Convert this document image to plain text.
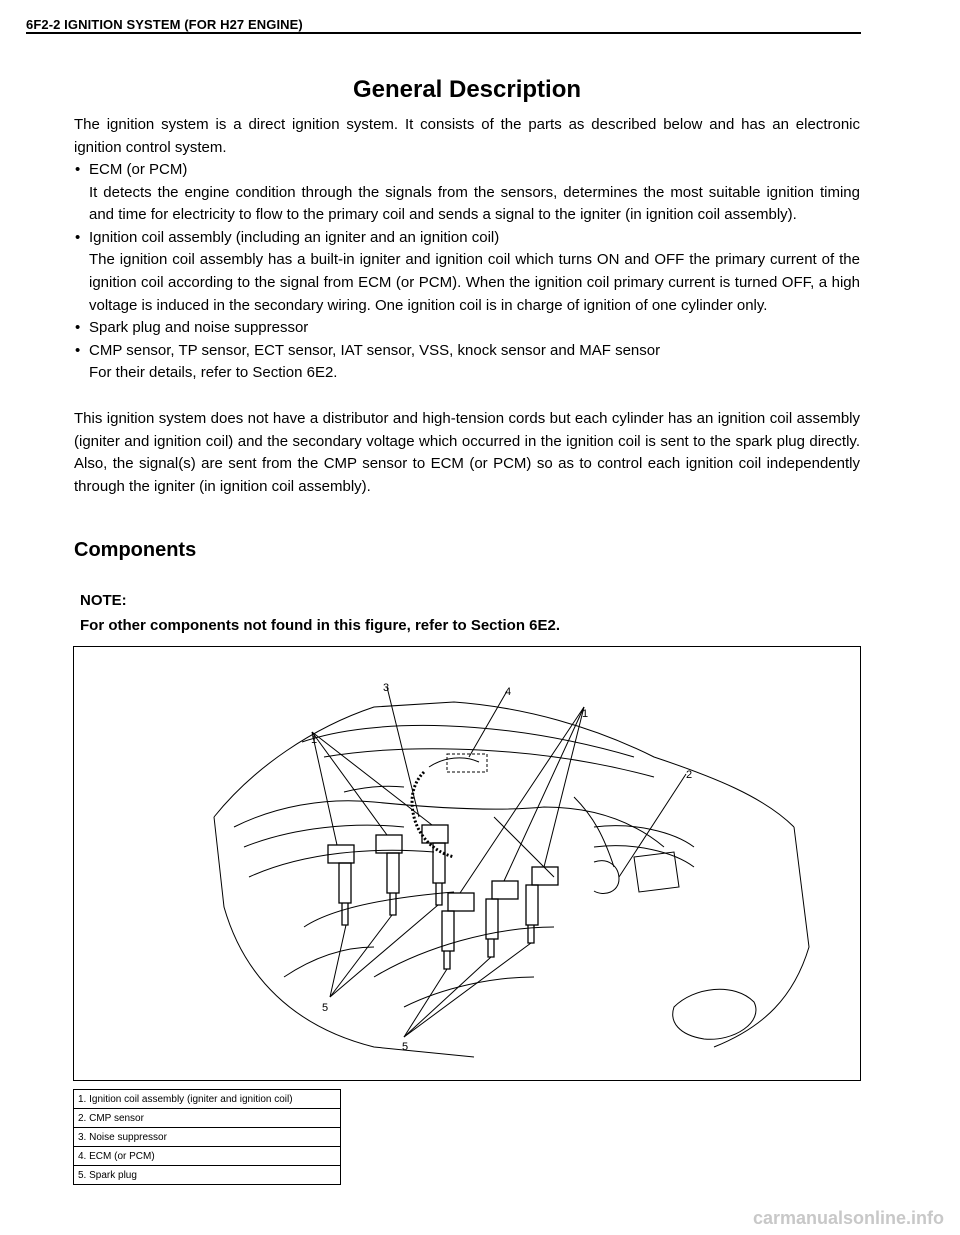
6F2-2 IGNITION SYSTEM (FOR H27 ENGINE)
General Description
The ignition system is a direct ignition system. It consists of the parts as described below and has an electronic ignition control system.
• ECM (or PCM)
It detects the engine condition through the signals from the sensors, determines the most suitable ignition timing and time for electricity to flow to the primary coil and sends a signal to the igniter (in ignition coil assembly).
• Ignition coil assembly (including an igniter and an ignition coil)
The ignition coil assembly has a built-in igniter and ignition coil which turns ON and OFF the primary current of the ignition coil according to the signal from ECM (or PCM). When the ignition coil primary current is turned OFF, a high voltage is induced in the secondary wiring. One ignition coil is in charge of ignition of one cylinder only.
• Spark plug and noise suppressor
• CMP sensor, TP sensor, ECT sensor, IAT sensor, VSS, knock sensor and MAF sensor
For their details, refer to Section 6E2.
This ignition system does not have a distributor and high-tension cords but each cylinder has an ignition coil assembly (igniter and ignition coil) and the secondary voltage which occurred in the ignition coil is sent to the spark plug directly. Also, the signal(s) are sent from the CMP sensor to ECM (or PCM) so as to control each ignition coil independently through the igniter (in ignition coil assembly).
Components
NOTE:
For other components not found in this figure, refer to Section 6E2.
1
1
2
3	4
5
5
1. Ignition coil assembly (igniter and ignition coil)
2. CMP sensor
3. Noise suppressor
4. ECM (or PCM)
5. Spark plug
carmanualsonline.info
